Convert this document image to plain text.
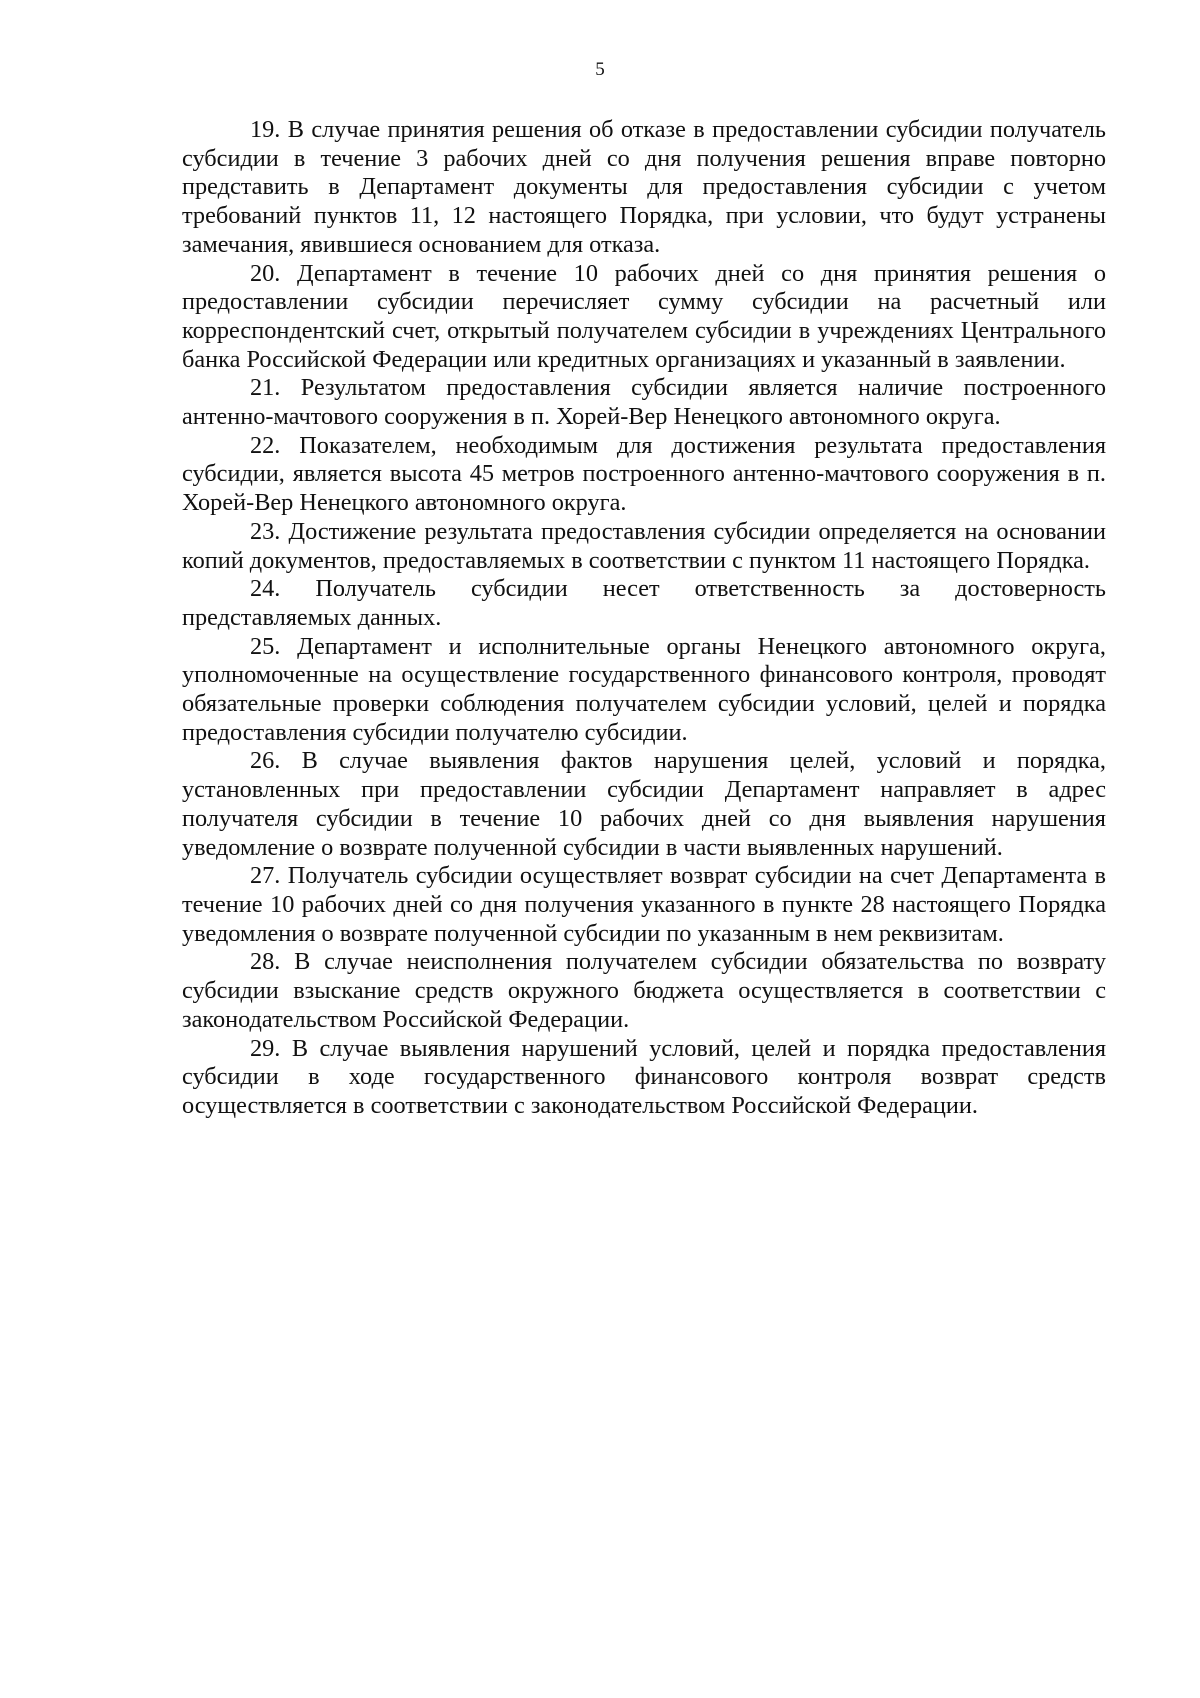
5

19. В случае принятия решения об отказе в предоставлении субсидии получатель субсидии в течение 3 рабочих дней со дня получения решения вправе повторно представить в Департамент документы для предоставления субсидии с учетом требований пунктов 11, 12 настоящего Порядка, при условии, что будут устранены замечания, явившиеся основанием для отказа.

20. Департамент в течение 10 рабочих дней со дня принятия решения о предоставлении субсидии перечисляет сумму субсидии на расчетный или корреспондентский счет, открытый получателем субсидии в учреждениях Центрального банка Российской Федерации или кредитных организациях и указанный в заявлении.

21. Результатом предоставления субсидии является наличие построенного антенно-мачтового сооружения в п. Хорей-Вер Ненецкого автономного округа.

22. Показателем, необходимым для достижения результата предоставления субсидии, является высота 45 метров построенного антенно-мачтового сооружения в п. Хорей-Вер Ненецкого автономного округа.

23. Достижение результата предоставления субсидии определяется на основании копий документов, предоставляемых в соответствии с пунктом 11 настоящего Порядка.

24. Получатель субсидии несет ответственность за достоверность представляемых данных.

25. Департамент и исполнительные органы Ненецкого автономного округа, уполномоченные на осуществление государственного финансового контроля, проводят обязательные проверки соблюдения получателем субсидии условий, целей и порядка предоставления субсидии получателю субсидии.

26. В случае выявления фактов нарушения целей, условий и порядка, установленных при предоставлении субсидии Департамент направляет в адрес получателя субсидии в течение 10 рабочих дней со дня выявления нарушения уведомление о возврате полученной субсидии в части выявленных нарушений.

27. Получатель субсидии осуществляет возврат субсидии на счет Департамента в течение 10 рабочих дней со дня получения указанного в пункте 28 настоящего Порядка уведомления о возврате полученной субсидии по указанным в нем реквизитам.

28. В случае неисполнения получателем субсидии обязательства по возврату субсидии взыскание средств окружного бюджета осуществляется в соответствии с законодательством Российской Федерации.

29. В случае выявления нарушений условий, целей и порядка предоставления субсидии в ходе государственного финансового контроля возврат средств осуществляется в соответствии с законодательством Российской Федерации.
